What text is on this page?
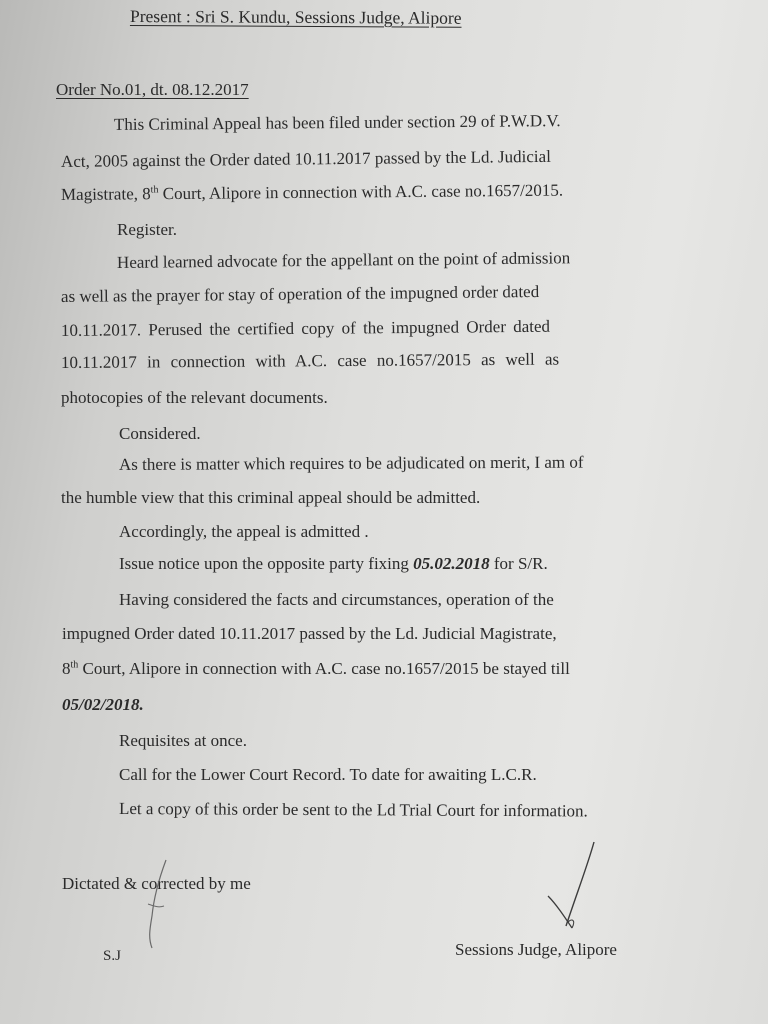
Present : Sri S. Kundu, Sessions Judge, Alipore
Order No.01, dt. 08.12.2017
This Criminal Appeal has been filed under section 29 of P.W.D.V.
Act, 2005 against the Order dated 10.11.2017 passed by the Ld. Judicial
Magistrate, 8th Court, Alipore in connection with A.C. case no.1657/2015.
Register.
Heard learned advocate for the appellant on the point of admission
as well as the prayer for stay of operation of the impugned order dated
10.11.2017. Perused the certified copy of the impugned Order dated
10.11.2017 in connection with A.C. case no.1657/2015 as well as
photocopies of the relevant documents.
Considered.
As there is matter which requires to be adjudicated on merit, I am of
the humble view that this criminal appeal should be admitted.
Accordingly, the appeal is admitted .
Issue notice upon the opposite party fixing 05.02.2018 for S/R.
Having considered the facts and circumstances, operation of the
impugned Order dated 10.11.2017 passed by the Ld. Judicial Magistrate,
8th Court, Alipore in connection with A.C. case no.1657/2015 be stayed till
05/02/2018.
Requisites at once.
Call for the Lower Court Record. To date for awaiting L.C.R.
Let a copy of this order be sent to the Ld Trial Court for information.
Dictated & corrected by me
S.J	Sessions Judge, Alipore
